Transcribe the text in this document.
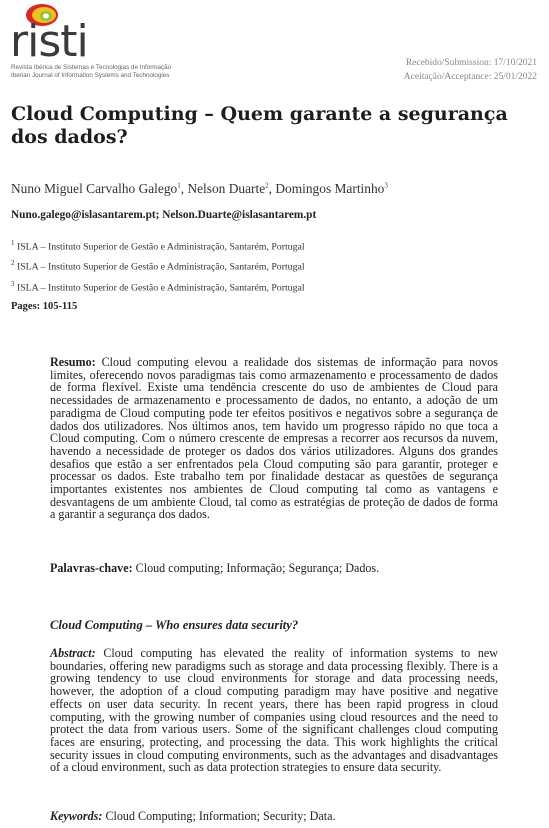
risti
Revista Ibérica de Sistemas e Tecnologias de Informação
Iberian Journal of Information Systems and Technologies
Recebido/Submission: 17/10/2021
Aceitação/Acceptance: 25/01/2022
Cloud Computing – Quem garante a segurança dos dados?
Nuno Miguel Carvalho Galego$^1$, Nelson Duarte$^2$, Domingos Martinho$^3$
Nuno.galego@islasantarem.pt; Nelson.Duarte@islasantarem.pt
$^1$ ISLA – Instituto Superior de Gestão e Administração, Santarém, Portugal
$^2$ ISLA – Instituto Superior de Gestão e Administração, Santarém, Portugal
$^3$ ISLA – Instituto Superior de Gestão e Administração, Santarém, Portugal
Pages: 105-115

Resumo: Cloud computing elevou a realidade dos sistemas de informação para novos limites, oferecendo novos paradigmas tais como armazenamento e processamento de dados de forma flexível. Existe uma tendência crescente do uso de ambientes de Cloud para necessidades de armazenamento e processamento de dados, no entanto, a adoção de um paradigma de Cloud computing pode ter efeitos positivos e negativos sobre a segurança de dados dos utilizadores. Nos últimos anos, tem havido um progresso rápido no que toca a Cloud computing. Com o número crescente de empresas a recorrer aos recursos da nuvem, havendo a necessidade de proteger os dados dos vários utilizadores. Alguns dos grandes desafios que estão a ser enfrentados pela Cloud computing são para garantir, proteger e processar os dados. Este trabalho tem por finalidade destacar as questões de segurança importantes existentes nos ambientes de Cloud computing tal como as vantagens e desvantagens de um ambiente Cloud, tal como as estratégias de proteção de dados de forma a garantir a segurança dos dados.

Palavras-chave: Cloud computing; Informação; Segurança; Dados.
Cloud Computing – Who ensures data security?

Abstract: Cloud computing has elevated the reality of information systems to new boundaries, offering new paradigms such as storage and data processing flexibly. There is a growing tendency to use cloud environments for storage and data processing needs, however, the adoption of a cloud computing paradigm may have positive and negative effects on user data security. In recent years, there has been rapid progress in cloud computing, with the growing number of companies using cloud resources and the need to protect the data from various users. Some of the significant challenges cloud computing faces are ensuring, protecting, and processing the data. This work highlights the critical security issues in cloud computing environments, such as the advantages and disadvantages of a cloud environment, such as data protection strategies to ensure data security.

Keywords: Cloud Computing; Information; Security; Data.
